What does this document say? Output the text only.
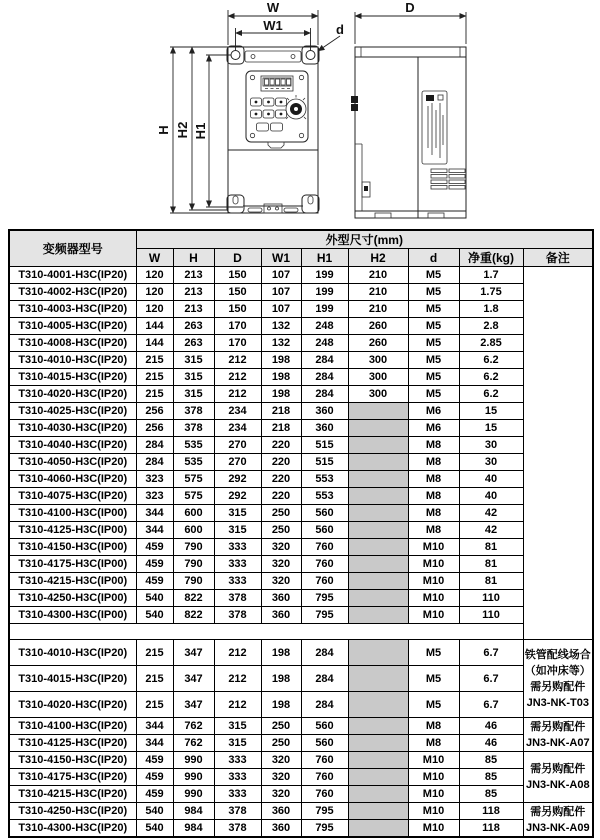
W
W1
H H2 H1
d
D
变频器型号	外型尺寸(mm)								
	W	H	D	W1	H1	H2	d	净重(kg)	备注
T310-4001-H3C(IP20)	120	213	150	107	199	210	M5	1.7	
T310-4002-H3C(IP20)	120	213	150	107	199	210	M5	1.75	
T310-4003-H3C(IP20)	120	213	150	107	199	210	M5	1.8	
T310-4005-H3C(IP20)	144	263	170	132	248	260	M5	2.8	
T310-4008-H3C(IP20)	144	263	170	132	248	260	M5	2.85	
T310-4010-H3C(IP20)	215	315	212	198	284	300	M5	6.2	
T310-4015-H3C(IP20)	215	315	212	198	284	300	M5	6.2	
T310-4020-H3C(IP20)	215	315	212	198	284	300	M5	6.2	
T310-4025-H3C(IP20)	256	378	234	218	360		M6	15	
T310-4030-H3C(IP20)	256	378	234	218	360		M6	15	
T310-4040-H3C(IP20)	284	535	270	220	515		M8	30	
T310-4050-H3C(IP20)	284	535	270	220	515		M8	30	
T310-4060-H3C(IP20)	323	575	292	220	553		M8	40	
T310-4075-H3C(IP20)	323	575	292	220	553		M8	40	
T310-4100-H3C(IP00)	344	600	315	250	560		M8	42	
T310-4125-H3C(IP00)	344	600	315	250	560		M8	42	
T310-4150-H3C(IP00)	459	790	333	320	760		M10	81	
T310-4175-H3C(IP00)	459	790	333	320	760		M10	81	
T310-4215-H3C(IP00)	459	790	333	320	760		M10	81	
T310-4250-H3C(IP00)	540	822	378	360	795		M10	110	
T310-4300-H3C(IP00)	540	822	378	360	795		M10	110	

T310-4010-H3C(IP20)	215	347	212	198	284		M5	6.7	铁管配线场合
（如冲床等）
需另购配件
JN3-NK-T03

T310-4015-H3C(IP20)	215	347	212	198	284		M5	6.7	
T310-4020-H3C(IP20)	215	347	212	198	284		M5	6.7	
T310-4100-H3C(IP20)	344	762	315	250	560		M8	46	需另购配件
JN3-NK-A07

T310-4125-H3C(IP20)	344	762	315	250	560		M8	46	
T310-4150-H3C(IP20)	459	990	333	320	760		M10	85	需另购配件
JN3-NK-A08

T310-4175-H3C(IP20)	459	990	333	320	760		M10	85	
T310-4215-H3C(IP20)	459	990	333	320	760		M10	85	
T310-4250-H3C(IP20)	540	984	378	360	795		M10	118	需另购配件
JN3-NK-A09

T310-4300-H3C(IP20)	540	984	378	360	795		M10	118	
